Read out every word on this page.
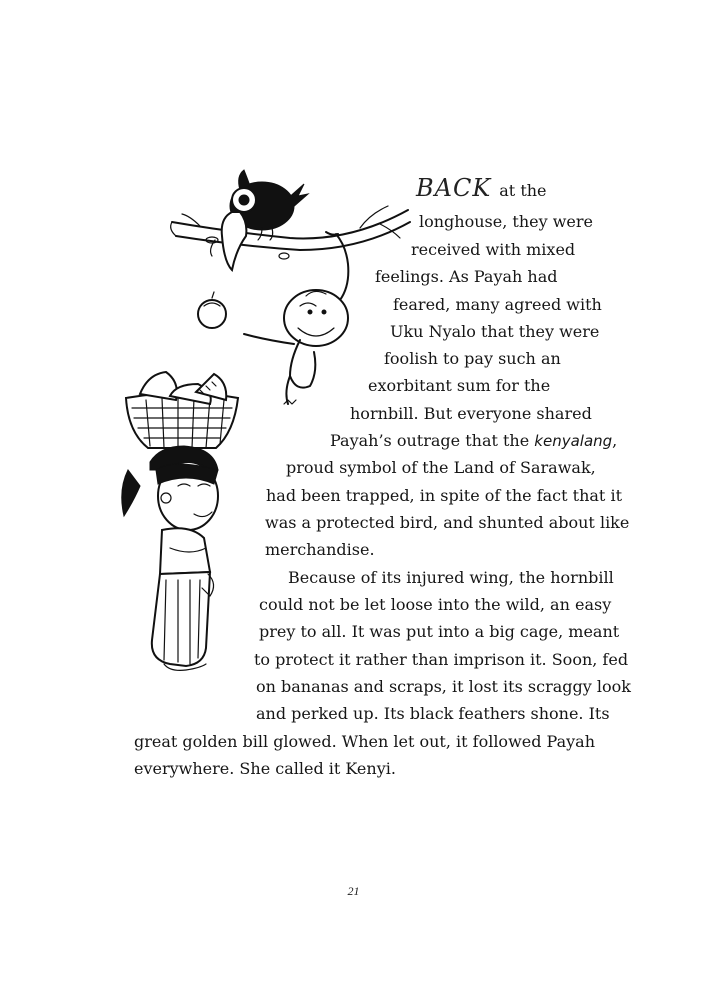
BACK at the
longhouse, they were
received with mixed
feelings. As Payah had
feared, many agreed with
Uku Nyalo that they were
foolish to pay such an
exorbitant sum for the
hornbill. But everyone shared
Payah’s outrage that the kenyalang,
proud symbol of the Land of Sarawak,
had been trapped, in spite of the fact that it
was a protected bird, and shunted about like
merchandise.
Because of its injured wing, the hornbill
could not be let loose into the wild, an easy
prey to all. It was put into a big cage, meant
to protect it rather than imprison it. Soon, fed
on bananas and scraps, it lost its scraggy look
and perked up. Its black feathers shone. Its
great golden bill glowed. When let out, it followed Payah
everywhere. She called it Kenyi.
21
